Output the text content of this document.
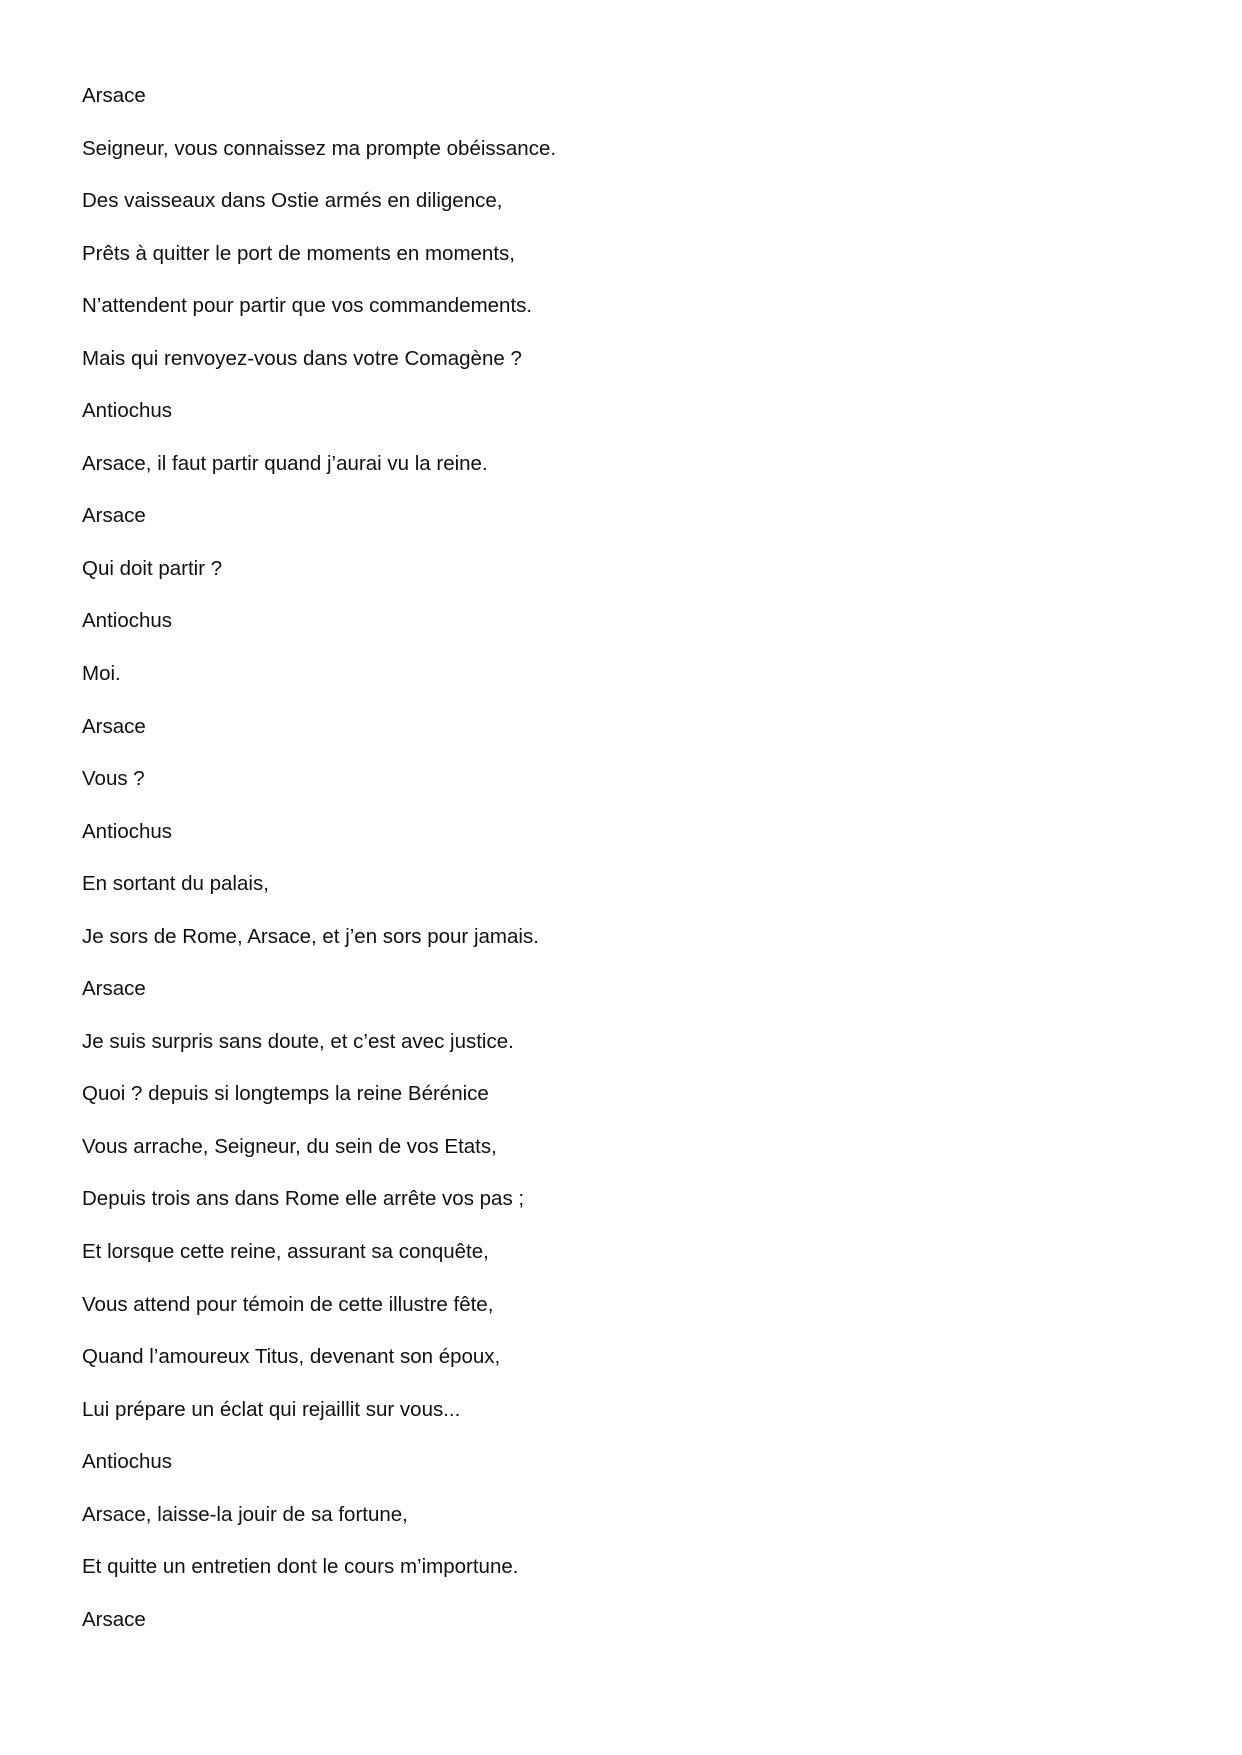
Arsace
Seigneur, vous connaissez ma prompte obéissance.
Des vaisseaux dans Ostie armés en diligence,
Prêts à quitter le port de moments en moments,
N’attendent pour partir que vos commandements.
Mais qui renvoyez-vous dans votre Comagène ?
Antiochus
Arsace, il faut partir quand j’aurai vu la reine.
Arsace
Qui doit partir ?
Antiochus
Moi.
Arsace
Vous ?
Antiochus
En sortant du palais,
Je sors de Rome, Arsace, et j’en sors pour jamais.
Arsace
Je suis surpris sans doute, et c’est avec justice.
Quoi ? depuis si longtemps la reine Bérénice
Vous arrache, Seigneur, du sein de vos Etats,
Depuis trois ans dans Rome elle arrête vos pas ;
Et lorsque cette reine, assurant sa conquête,
Vous attend pour témoin de cette illustre fête,
Quand l’amoureux Titus, devenant son époux,
Lui prépare un éclat qui rejaillit sur vous...
Antiochus
Arsace, laisse-la jouir de sa fortune,
Et quitte un entretien dont le cours m’importune.
Arsace
